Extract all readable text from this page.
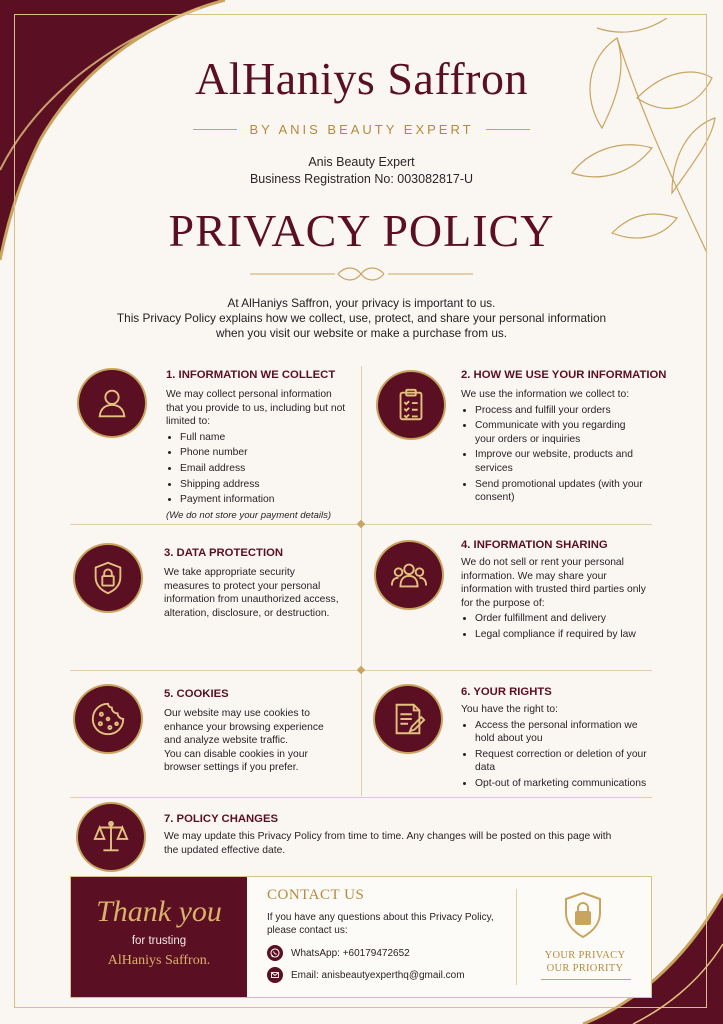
AlHaniys Saffron
BY ANIS BEAUTY EXPERT
Anis Beauty Expert
Business Registration No: 003082817-U
PRIVACY POLICY
At AlHaniys Saffron, your privacy is important to us.
This Privacy Policy explains how we collect, use, protect, and share your personal information
when you visit our website or make a purchase from us.
1. INFORMATION WE COLLECT

We may collect personal information that you provide to us, including but not limited to:

• Full name
• Phone number
• Email address
• Shipping address
• Payment information

(We do not store your payment details)

2. HOW WE USE YOUR INFORMATION

We use the information we collect to:

• Process and fulfill your orders
• Communicate with you regarding your orders or inquiries
• Improve our website, products and services
• Send promotional updates (with your consent)
3. DATA PROTECTION

We take appropriate security measures to protect your personal information from unauthorized access, alteration, disclosure, or destruction.

4. INFORMATION SHARING

We do not sell or rent your personal information. We may share your information with trusted third parties only for the purpose of:

• Order fulfillment and delivery
• Legal compliance if required by law
5. COOKIES

Our website may use cookies to enhance your browsing experience and analyze website traffic.

You can disable cookies in your browser settings if you prefer.

6. YOUR RIGHTS

You have the right to:

• Access the personal information we hold about you
• Request correction or deletion of your data
• Opt-out of marketing communications
7. POLICY CHANGES

We may update this Privacy Policy from time to time. Any changes will be posted on this page with the updated effective date.

Thank you
for trusting
AlHaniys Saffron.
CONTACT US
If you have any questions about this Privacy Policy, please contact us:
WhatsApp: +60179472652
Email: anisbeautyexperthq@gmail.com
YOUR PRIVACY
OUR PRIORITY
